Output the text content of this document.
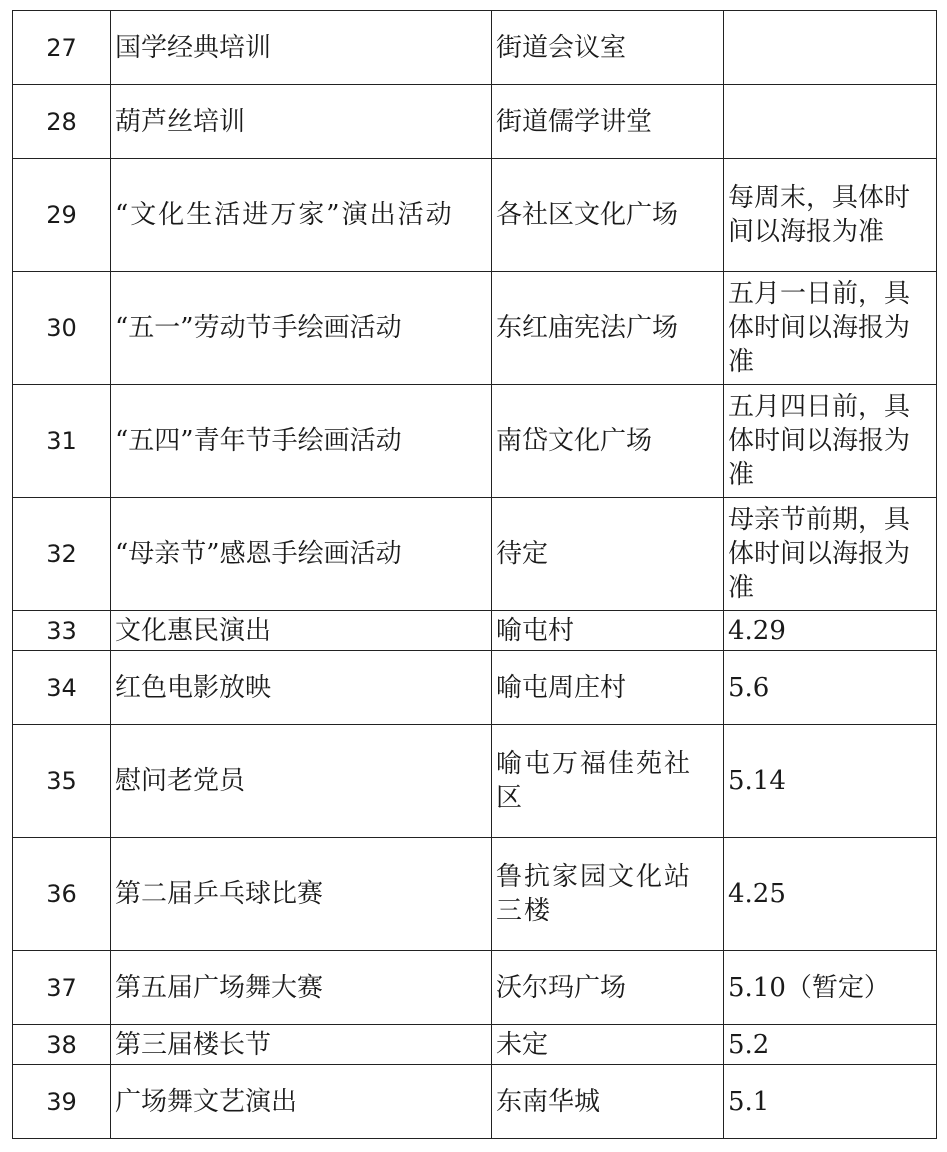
27	国学经典培训	街道会议室	
28	葫芦丝培训	街道儒学讲堂	
29	“文化生活进万家”演出活动	各社区文化广场	每周末，具体时间以海报为准
30	“五一”劳动节手绘画活动	东红庙宪法广场	五月一日前，具体时间以海报为准
31	“五四”青年节手绘画活动	南岱文化广场	五月四日前，具体时间以海报为准
32	“母亲节”感恩手绘画活动	待定	母亲节前期，具体时间以海报为准
33	文化惠民演出	喻屯村	4.29
34	红色电影放映	喻屯周庄村	5.6
35	慰问老党员	喻屯万福佳苑社区	5.14
36	第二届乒乓球比赛	鲁抗家园文化站三楼	4.25
37	第五届广场舞大赛	沃尔玛广场	5.10（暂定）
38	第三届楼长节	未定	5.2
39	广场舞文艺演出	东南华城	5.1
